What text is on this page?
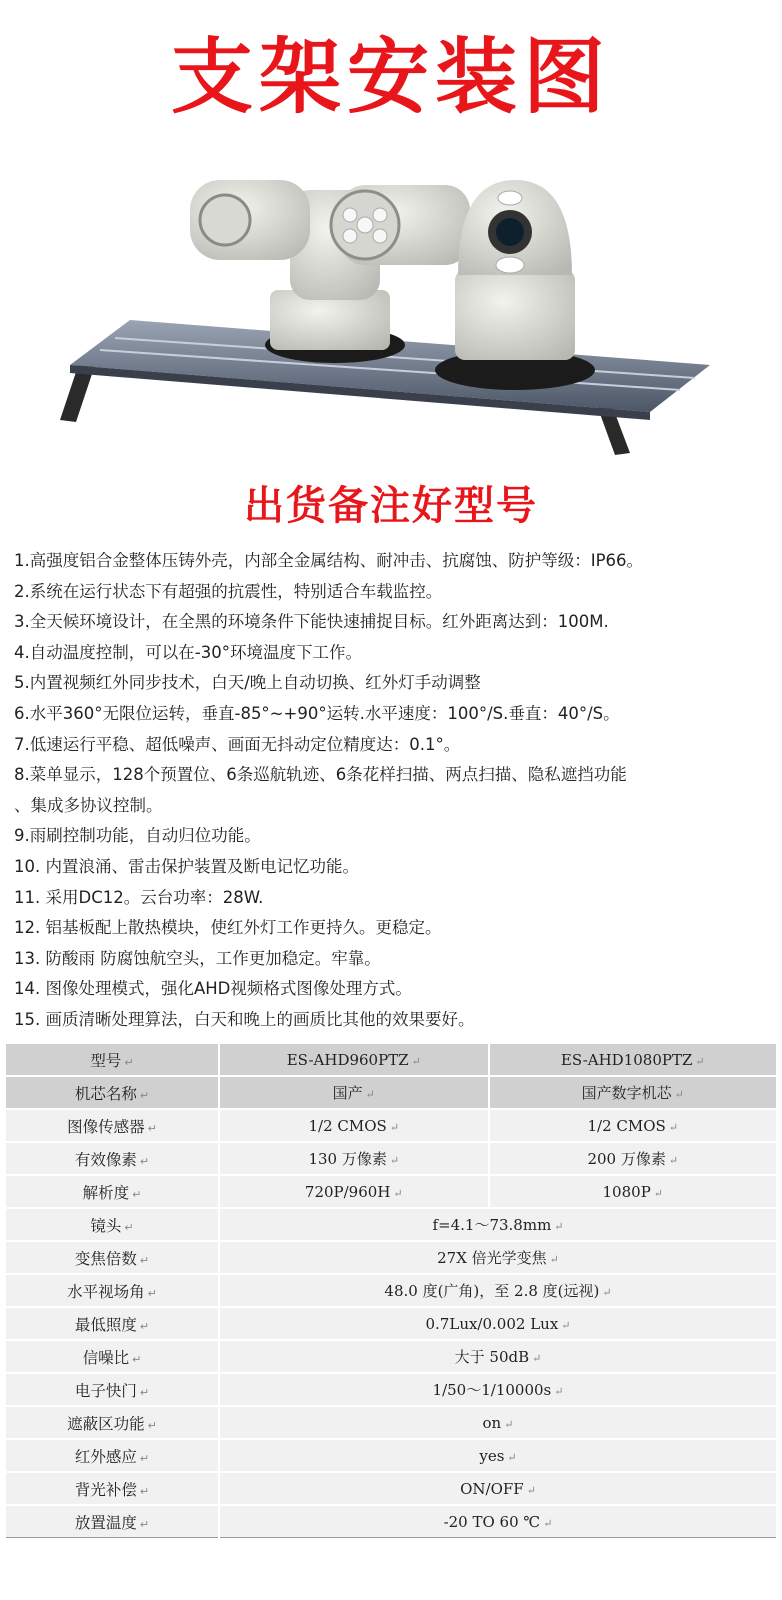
支架安装图
出货备注好型号
1.高强度铝合金整体压铸外壳，内部全金属结构、耐冲击、抗腐蚀、防护等级：IP66。
2.系统在运行状态下有超强的抗震性，特别适合车载监控。
3.全天候环境设计，在全黑的环境条件下能快速捕捉目标。红外距离达到：100M.
4.自动温度控制，可以在-30°环境温度下工作。
5.内置视频红外同步技术，白天/晚上自动切换、红外灯手动调整
6.水平360°无限位运转，垂直-85°~+90°运转.水平速度：100°/S.垂直：40°/S。
7.低速运行平稳、超低噪声、画面无抖动定位精度达：0.1°。
8.菜单显示，128个预置位、6条巡航轨迹、6条花样扫描、两点扫描、隐私遮挡功能
、集成多协议控制。
9.雨刷控制功能，自动归位功能。
10. 内置浪涌、雷击保护装置及断电记忆功能。
11. 采用DC12。云台功率：28W.
12. 铝基板配上散热模块，使红外灯工作更持久。更稳定。
13. 防酸雨 防腐蚀航空头，工作更加稳定。牢靠。
14. 图像处理模式，强化AHD视频格式图像处理方式。
15. 画质清晰处理算法，白天和晚上的画质比其他的效果要好。
型号 ↵	ES-AHD960PTZ ↵	ES-AHD1080PTZ ↵
机芯名称 ↵	国产 ↵	国产数字机芯 ↵
图像传感器 ↵	1/2 CMOS ↵	1/2 CMOS ↵
有效像素 ↵	130 万像素 ↵	200 万像素 ↵
解析度 ↵	720P/960H ↵	1080P ↵
镜头 ↵	f=4.1～73.8mm ↵	
变焦倍数 ↵	27X 倍光学变焦 ↵	
水平视场角 ↵	48.0 度(广角)，至 2.8 度(远视) ↵	
最低照度 ↵	0.7Lux/0.002 Lux ↵	
信噪比 ↵	大于 50dB ↵	
电子快门 ↵	1/50～1/10000s ↵	
遮蔽区功能 ↵	on ↵	
红外感应 ↵	yes ↵	
背光补偿 ↵	ON/OFF ↵	
放置温度 ↵	-20 TO 60 ℃ ↵	
